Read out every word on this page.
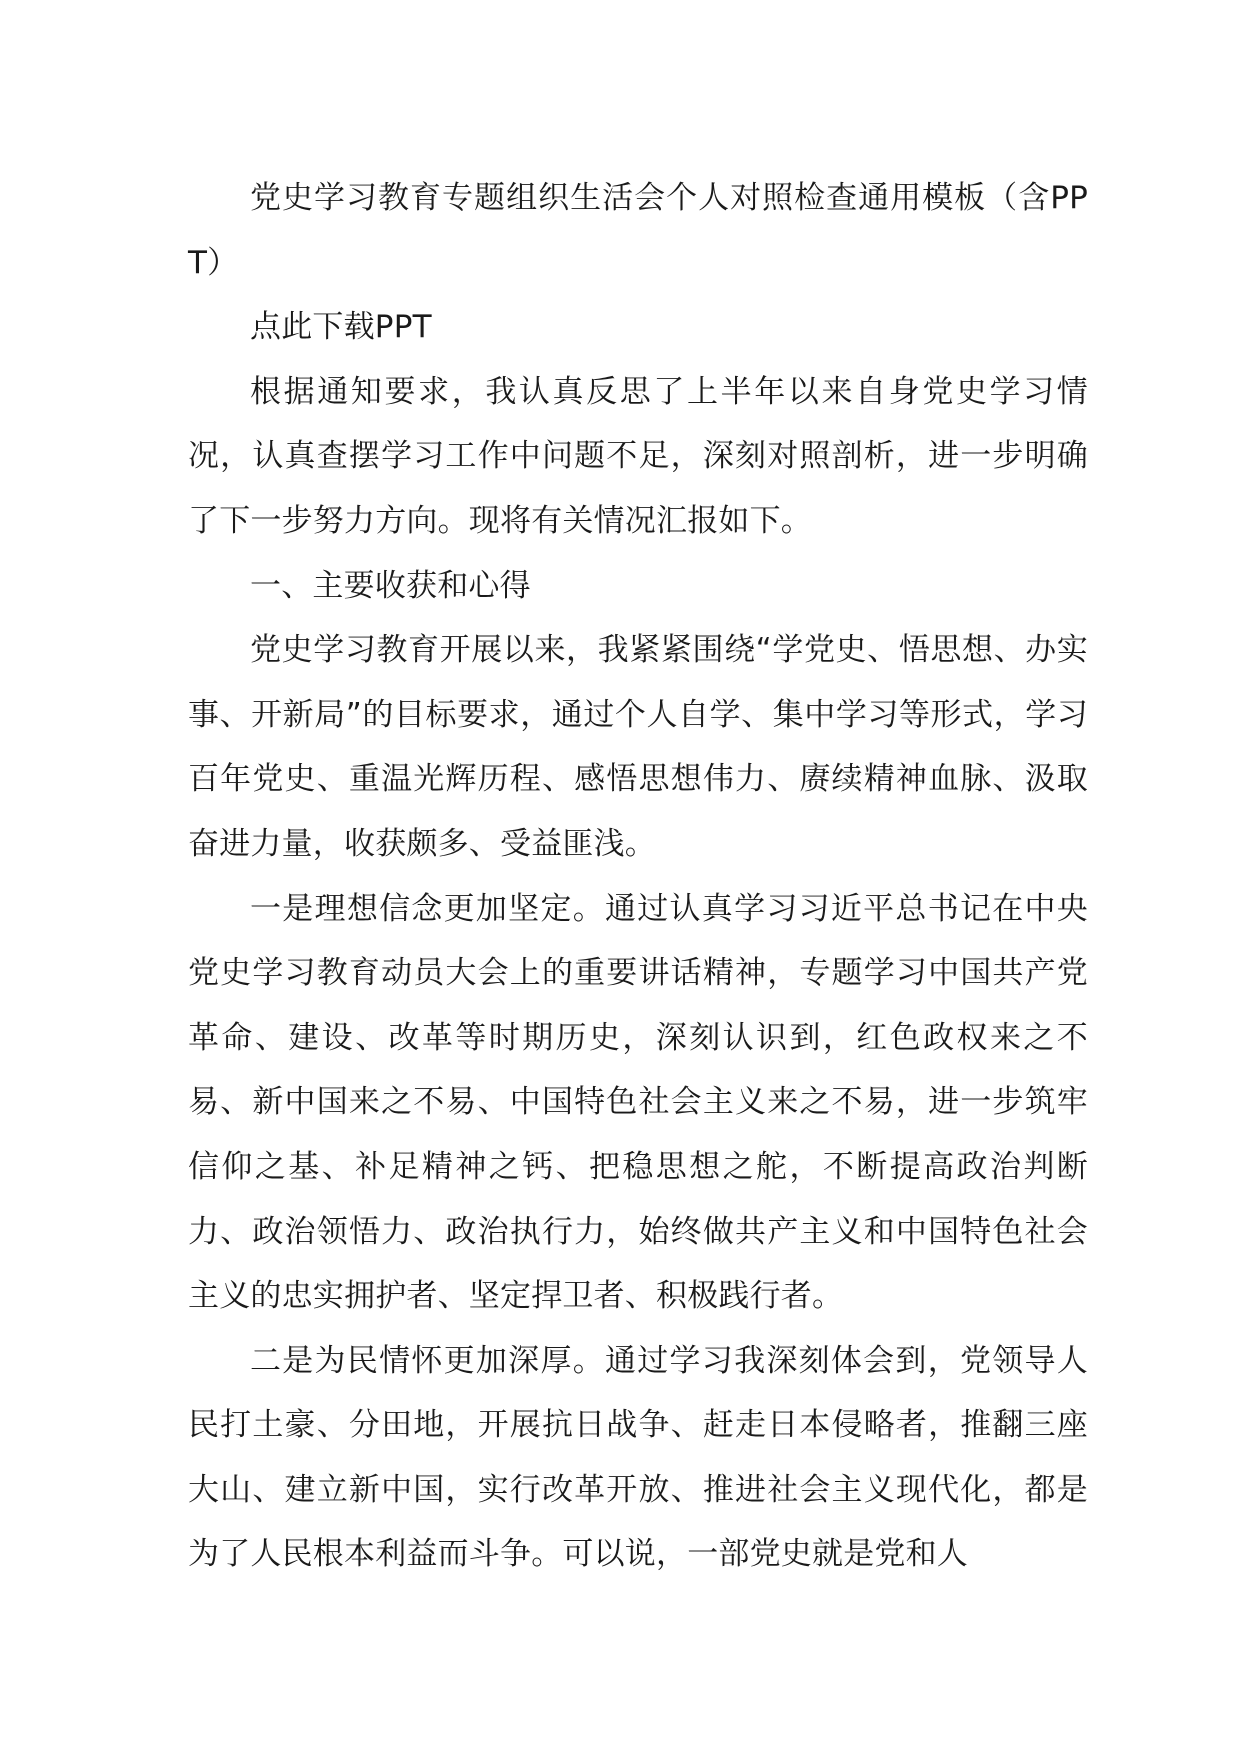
党史学习教育专题组织生活会个人对照检查通用模板（含PPT）

点此下载PPT

根据通知要求，我认真反思了上半年以来自身党史学习情况，认真查摆学习工作中问题不足，深刻对照剖析，进一步明确了下一步努力方向。现将有关情况汇报如下。

一、主要收获和心得

党史学习教育开展以来，我紧紧围绕“学党史、悟思想、办实事、开新局”的目标要求，通过个人自学、集中学习等形式，学习百年党史、重温光辉历程、感悟思想伟力、赓续精神血脉、汲取奋进力量，收获颇多、受益匪浅。

一是理想信念更加坚定。通过认真学习习近平总书记在中央党史学习教育动员大会上的重要讲话精神，专题学习中国共产党革命、建设、改革等时期历史，深刻认识到，红色政权来之不易、新中国来之不易、中国特色社会主义来之不易，进一步筑牢信仰之基、补足精神之钙、把稳思想之舵，不断提高政治判断力、政治领悟力、政治执行力，始终做共产主义和中国特色社会主义的忠实拥护者、坚定捍卫者、积极践行者。

二是为民情怀更加深厚。通过学习我深刻体会到，党领导人民打土豪、分田地，开展抗日战争、赶走日本侵略者，推翻三座大山、建立新中国，实行改革开放、推进社会主义现代化，都是为了人民根本利益而斗争。可以说，一部党史就是党和人
